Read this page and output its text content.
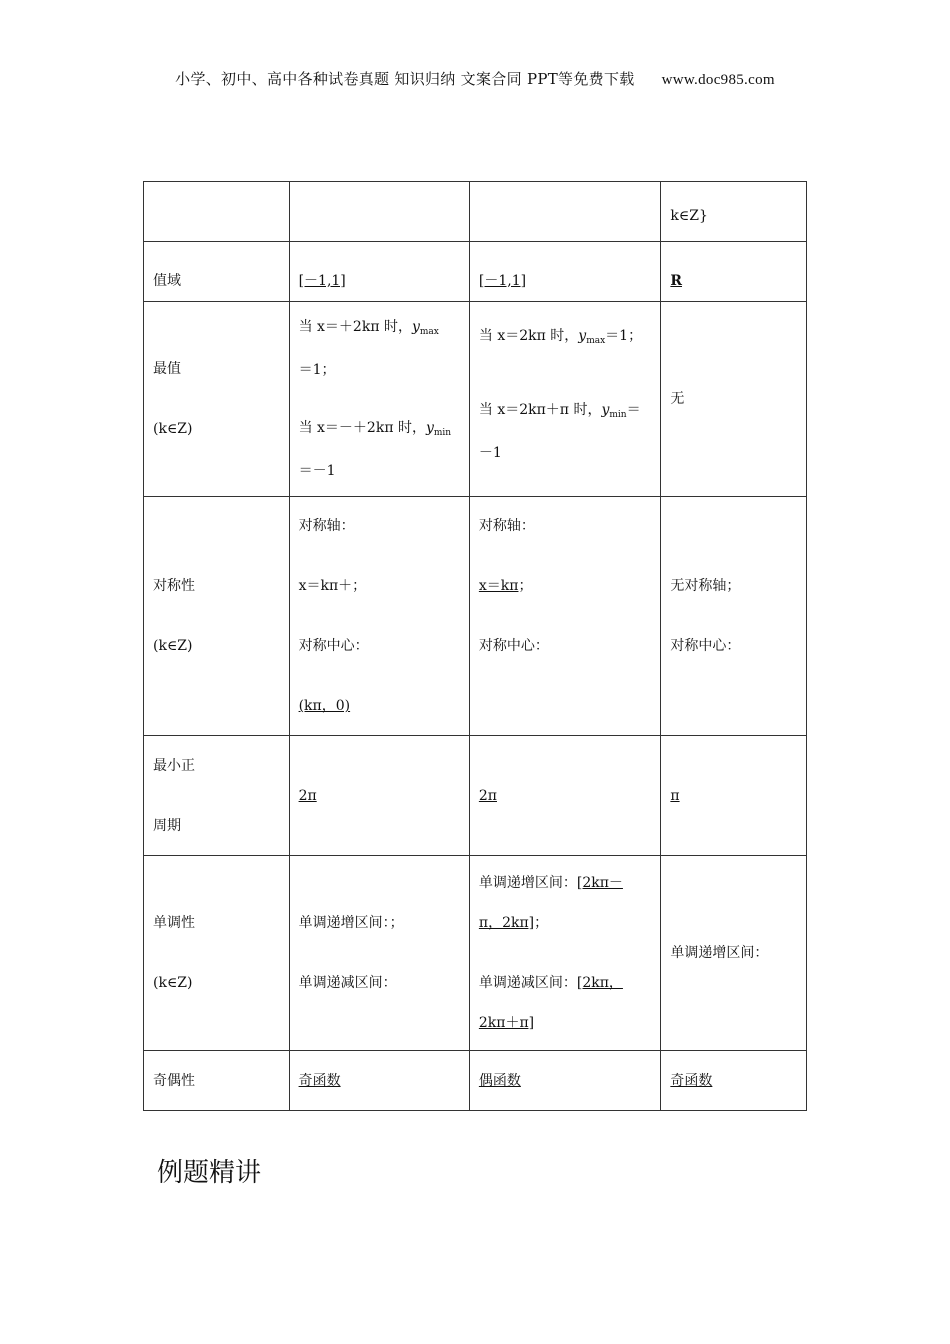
小学、初中、高中各种试卷真题 知识归纳 文案合同 PPT等免费下载 www.doc985.com

			k∈Z}

值域	[－1,1]	[－1,1]	R

最值
(k∈Z)	当 x＝＋2kπ 时，$y_{max}$
＝1；
当 x＝－＋2kπ 时，$y_{min}$
＝－1	当 x＝2kπ 时，$y_{max}=1$；
当 x＝2kπ＋π 时，$y_{min}=$
－1	无

对称性
(k∈Z)	对称轴：
x＝kπ＋；
对称中心：
(kπ，0)	对称轴：
x＝kπ；
对称中心：	无对称轴；
对称中心：

最小正
周期	2π	2π	π

单调性
(k∈Z)	单调递增区间：；
单调递减区间：	单调递增区间：[2kπ－
π，2kπ]；
单调递减区间：[2kπ，
2kπ＋π]	单调递增区间：

奇偶性	奇函数	偶函数	奇函数
例题精讲
